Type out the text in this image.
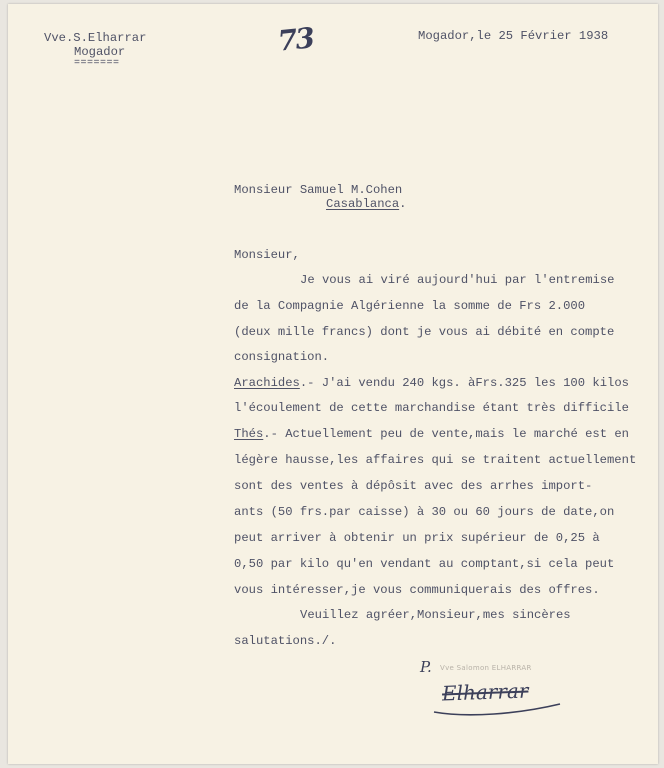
Vve.S.Elharrar
Mogador
=======
73	Mogador,le 25 Février 1938
Monsieur Samuel M.Cohen
Casablanca.
Monsieur,
Je vous ai viré aujourd'hui par l'entremise
de la Compagnie Algérienne la somme de Frs 2.000
(deux mille francs) dont je vous ai débité en compte
consignation.
Arachides.- J'ai vendu 240 kgs. àFrs.325 les 100 kilos
l'écoulement de cette marchandise étant très difficile
Thés.- Actuellement peu de vente,mais le marché est en
légère hausse,les affaires qui se traitent actuellement
sont des ventes à dépôsit avec des arrhes import-
ants (50 frs.par caisse) à 30 ou 60 jours de date,on
peut arriver à obtenir un prix supérieur de 0,25 à
0,50 par kilo qu'en vendant au comptant,si cela peut
vous intéresser,je vous communiquerais des offres.
Veuillez agréer,Monsieur,mes sincères
salutations./.
P. Vve Salomon ELHARRAR
Elharrar
